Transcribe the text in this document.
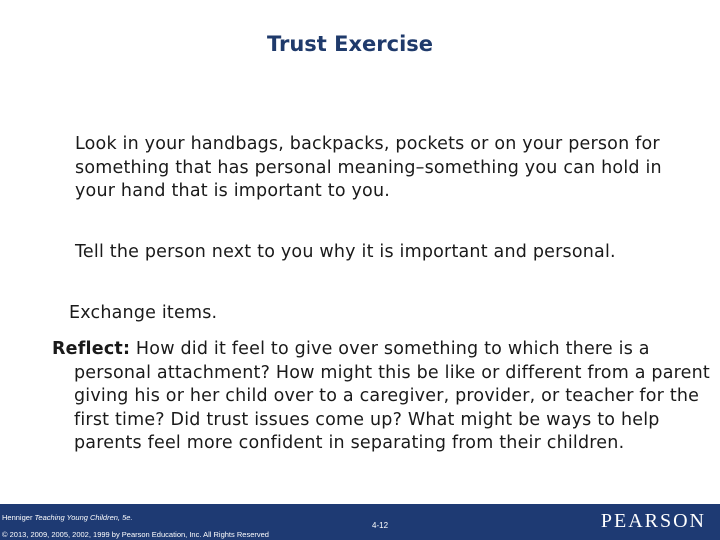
Trust Exercise
Look in your handbags, backpacks, pockets or on your person for something that has personal meaning–something you can hold in your hand that is important to you.
Tell the person next to you why it is important and personal.
Exchange items.
Reflect: How did it feel to give over something to which there is a personal attachment? How might this be like or different from a parent giving his or her child over to a caregiver, provider, or teacher for the first time? Did trust issues come up? What might be ways to help parents feel more confident in separating from their children.
Henniger Teaching Young Children, 5e.
© 2013, 2009, 2005, 2002, 1999 by Pearson Education, Inc. All Rights Reserved
4-12	PEARSON
